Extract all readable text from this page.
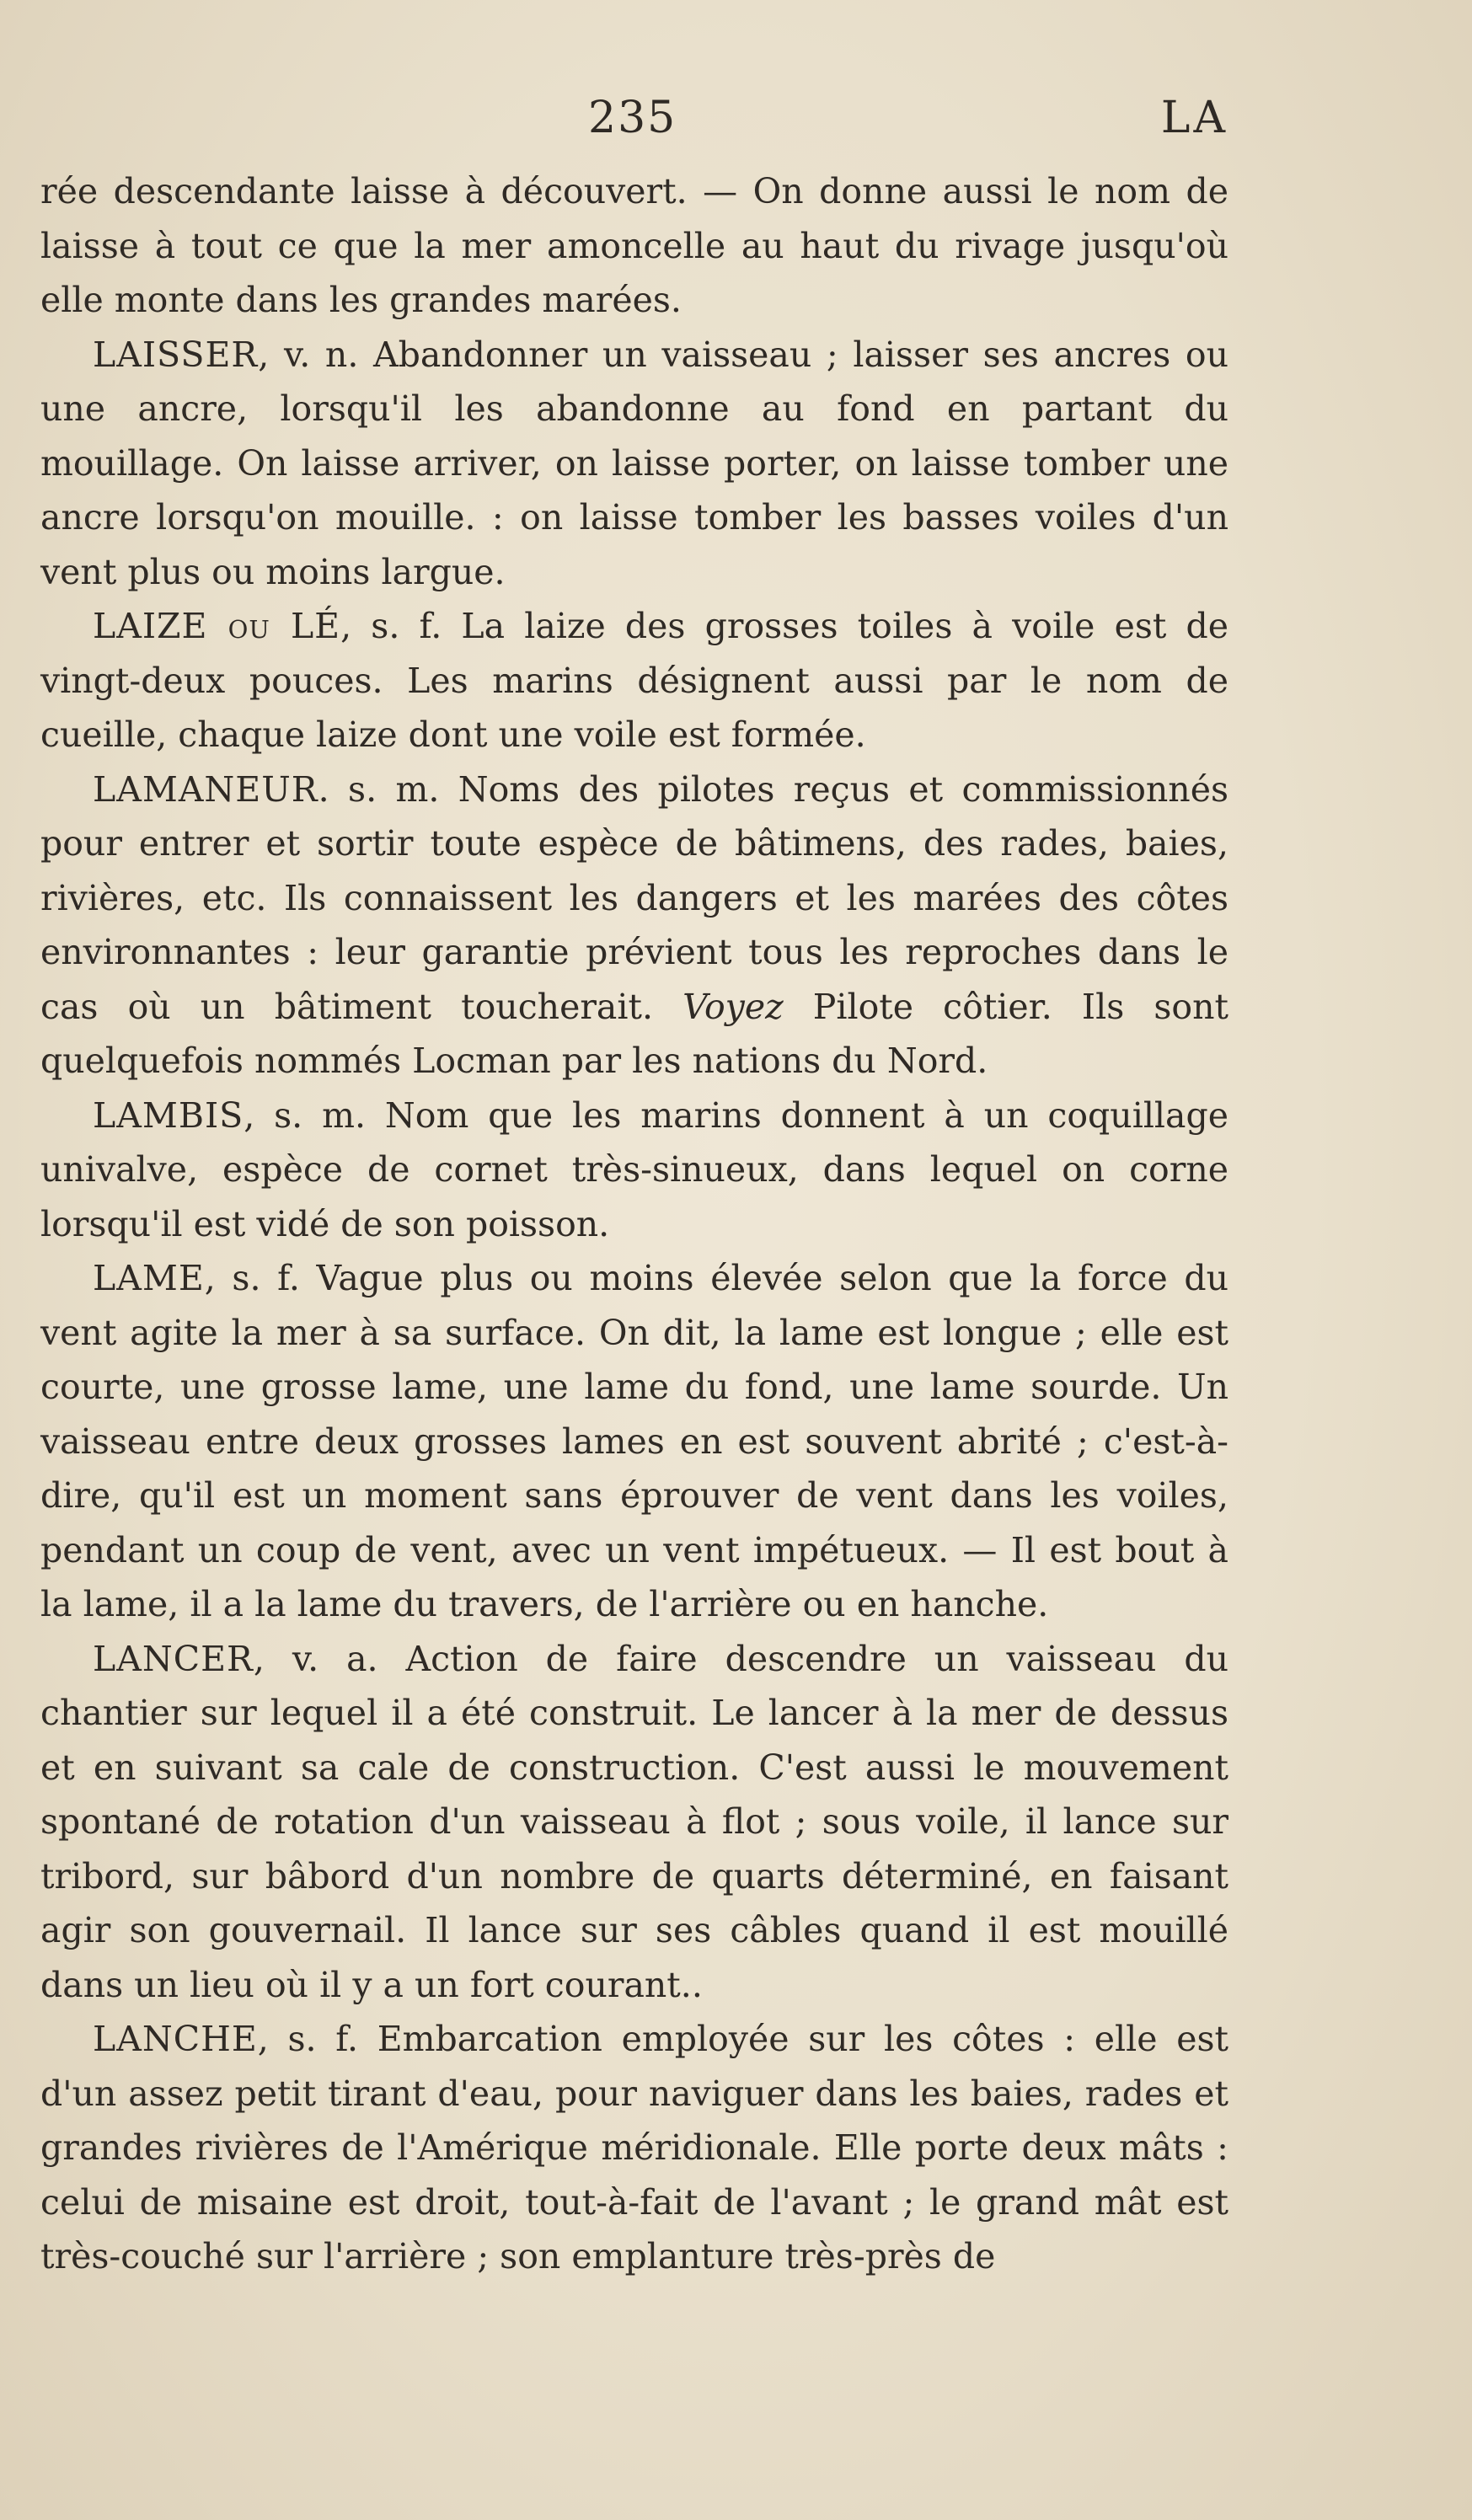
235	LA

rée descendante laisse à découvert. — On donne aussi le nom de laisse à tout ce que la mer amoncelle au haut du rivage jusqu'où elle monte dans les grandes marées.

LAISSER, v. n. Abandonner un vaisseau ; laisser ses ancres ou une ancre, lorsqu'il les abandonne au fond en partant du mouillage. On laisse arriver, on laisse porter, on laisse tomber une ancre lorsqu'on mouille. : on laisse tomber les basses voiles d'un vent plus ou moins largue.

LAIZE ou LÉ, s. f. La laize des grosses toiles à voile est de vingt-deux pouces. Les marins désignent aussi par le nom de cueille, chaque laize dont une voile est formée.

LAMANEUR. s. m. Noms des pilotes reçus et commissionnés pour entrer et sortir toute espèce de bâtimens, des rades, baies, rivières, etc. Ils connaissent les dangers et les marées des côtes environnantes : leur garantie prévient tous les reproches dans le cas où un bâtiment toucherait. Voyez Pilote côtier. Ils sont quelquefois nommés Locman par les nations du Nord.

LAMBIS, s. m. Nom que les marins donnent à un coquillage univalve, espèce de cornet très-sinueux, dans lequel on corne lorsqu'il est vidé de son poisson.

LAME, s. f. Vague plus ou moins élevée selon que la force du vent agite la mer à sa surface. On dit, la lame est longue ; elle est courte, une grosse lame, une lame du fond, une lame sourde. Un vaisseau entre deux grosses lames en est souvent abrité ; c'est-à-dire, qu'il est un moment sans éprouver de vent dans les voiles, pendant un coup de vent, avec un vent impétueux. — Il est bout à la lame, il a la lame du travers, de l'arrière ou en hanche.

LANCER, v. a. Action de faire descendre un vaisseau du chantier sur lequel il a été construit. Le lancer à la mer de dessus et en suivant sa cale de construction. C'est aussi le mouvement spontané de rotation d'un vaisseau à flot ; sous voile, il lance sur tribord, sur bâbord d'un nombre de quarts déterminé, en faisant agir son gouvernail. Il lance sur ses câbles quand il est mouillé dans un lieu où il y a un fort courant..

LANCHE, s. f. Embarcation employée sur les côtes : elle est d'un assez petit tirant d'eau, pour naviguer dans les baies, rades et grandes rivières de l'Amérique méridionale. Elle porte deux mâts : celui de misaine est droit, tout-à-fait de l'avant ; le grand mât est très-couché sur l'arrière ; son emplanture très-près de
